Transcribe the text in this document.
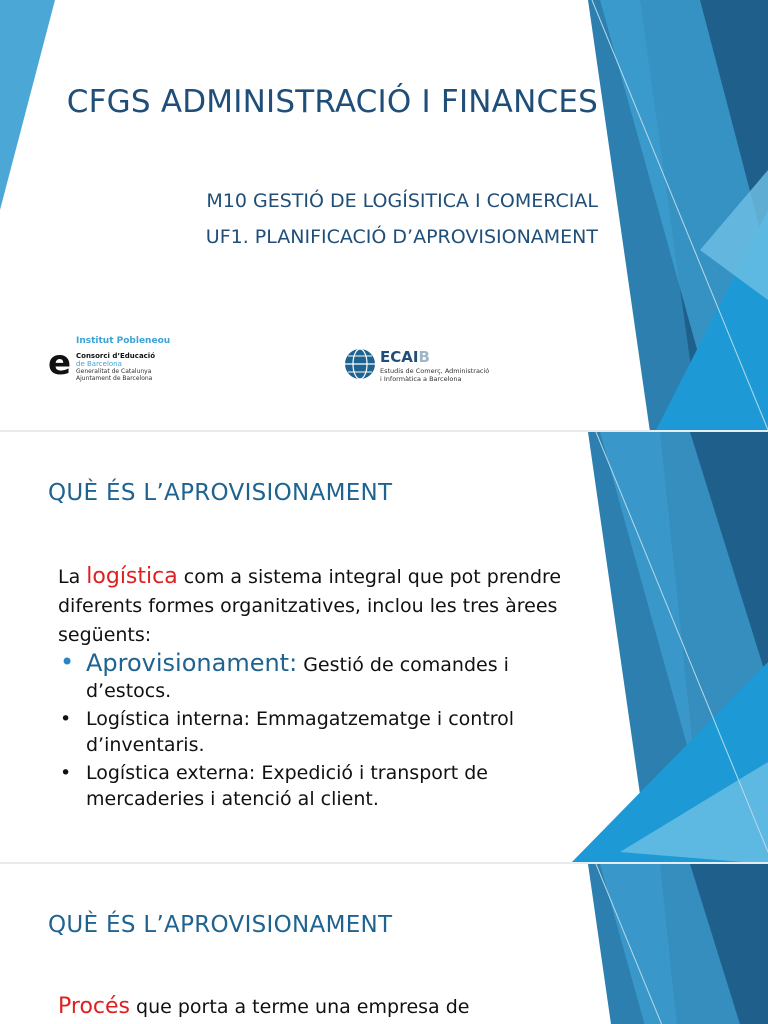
CFGS ADMINISTRACIÓ I FINANCES
M10 GESTIÓ DE LOGÍSITICA I COMERCIAL
UF1. PLANIFICACIÓ D’APROVISIONAMENT
Institut Pobleneou
e Consorci d’Educació
de Barcelona
Generalitat de Catalunya
Ajuntament de Barcelona
ECAIB
Estudis de Comerç, Administració
i Informàtica a Barcelona
QUÈ ÉS L’APROVISIONAMENT
La logística com a sistema integral que pot prendre diferents formes organitzatives, inclou les tres àrees següents:
• Aprovisionament: Gestió de comandes i d’estocs.
• Logística interna: Emmagatzematge i control d’inventaris.
• Logística externa: Expedició i transport de mercaderies i atenció al client.
QUÈ ÉS L’APROVISIONAMENT
Procés que porta a terme una empresa de
